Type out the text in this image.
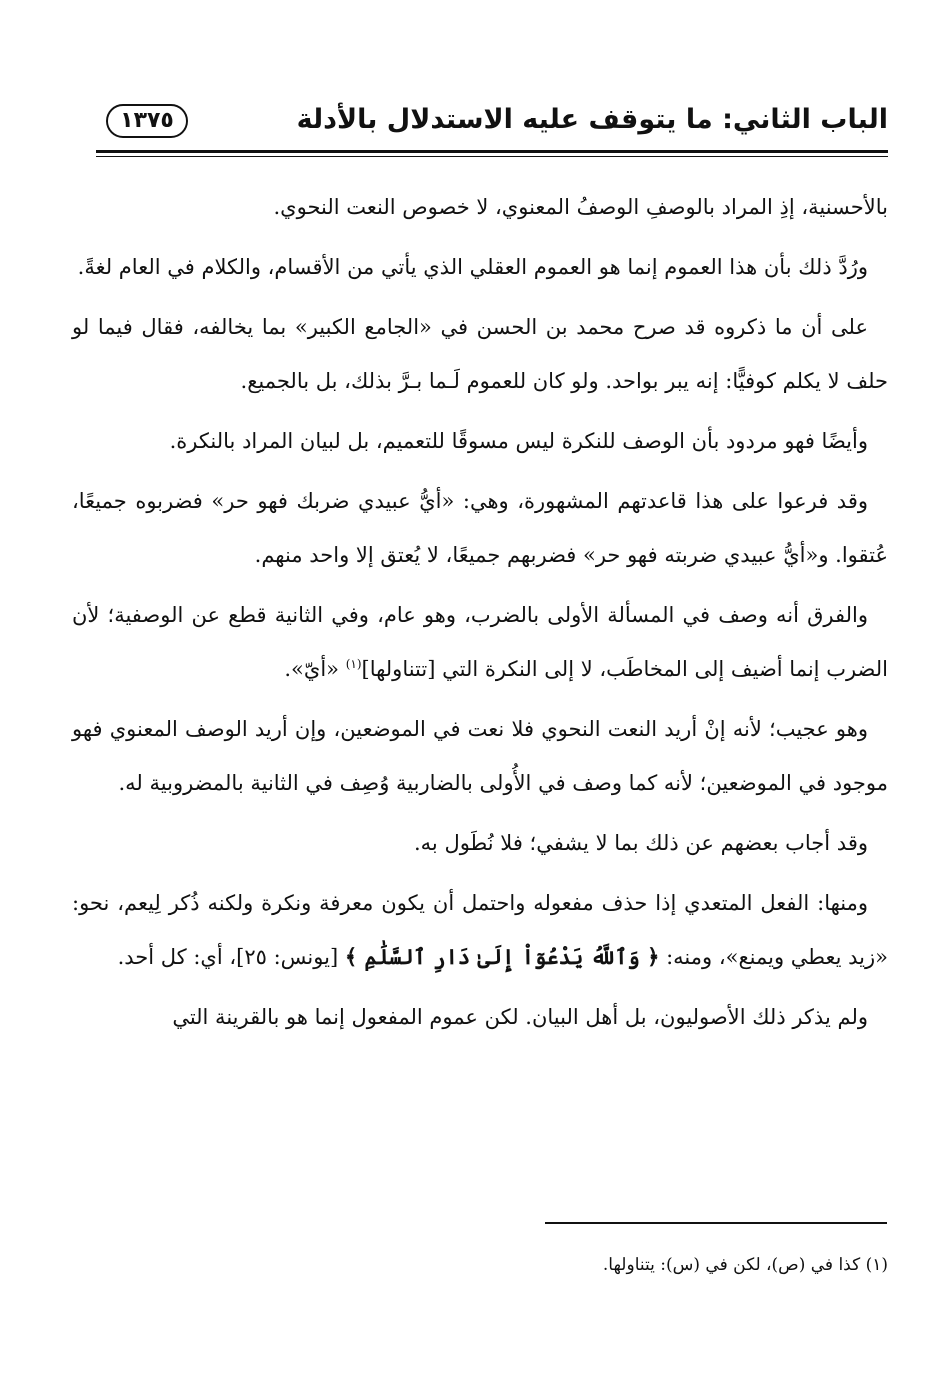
الباب الثاني: ما يتوقف عليه الاستدلال بالأدلة
١٣٧٥

بالأحسنية، إذِ المراد بالوصفِ الوصفُ المعنوي، لا خصوص النعت النحوي.

ورُدَّ ذلك بأن هذا العموم إنما هو العموم العقلي الذي يأتي من الأقسام، والكلام في العام لغةً.

على أن ما ذكروه قد صرح محمد بن الحسن في «الجامع الكبير» بما يخالفه، فقال فيما لو حلف لا يكلم كوفيًّا: إنه يبر بواحد. ولو كان للعموم لَـما بـرَّ بذلك، بل بالجميع.

وأيضًا فهو مردود بأن الوصف للنكرة ليس مسوقًا للتعميم، بل لبيان المراد بالنكرة.

وقد فرعوا على هذا قاعدتهم المشهورة، وهي: «أيُّ عبيدي ضربك فهو حر» فضربوه جميعًا، عُتقوا. و«أيُّ عبيدي ضربته فهو حر» فضربهم جميعًا، لا يُعتق إلا واحد منهم.

والفرق أنه وصف في المسألة الأولى بالضرب، وهو عام، وفي الثانية قطع عن الوصفية؛ لأن الضرب إنما أضيف إلى المخاطَب، لا إلى النكرة التي [تتناولها]$^{(١)}$ «أيّ».

وهو عجيب؛ لأنه إنْ أريد النعت النحوي فلا نعت في الموضعين، وإن أريد الوصف المعنوي فهو موجود في الموضعين؛ لأنه كما وصف في الأُولى بالضاربية وُصِف في الثانية بالمضروبية له.

وقد أجاب بعضهم عن ذلك بما لا يشفي؛ فلا نُطَول به.

ومنها: الفعل المتعدي إذا حذف مفعوله واحتمل أن يكون معرفة ونكرة ولكنه ذُكر لِيعم، نحو: «زيد يعطي ويمنع»، ومنه: ﴿ وَٱللَّهُ يَدْعُوٓاْ إِلَىٰ دَارِ ٱلسَّلَٰمِ ﴾ [يونس: ٢٥]، أي: كل أحد.

ولم يذكر ذلك الأصوليون، بل أهل البيان. لكن عموم المفعول إنما هو بالقرينة التي

(١) كذا في (ص)، لكن في (س): يتناولها.
